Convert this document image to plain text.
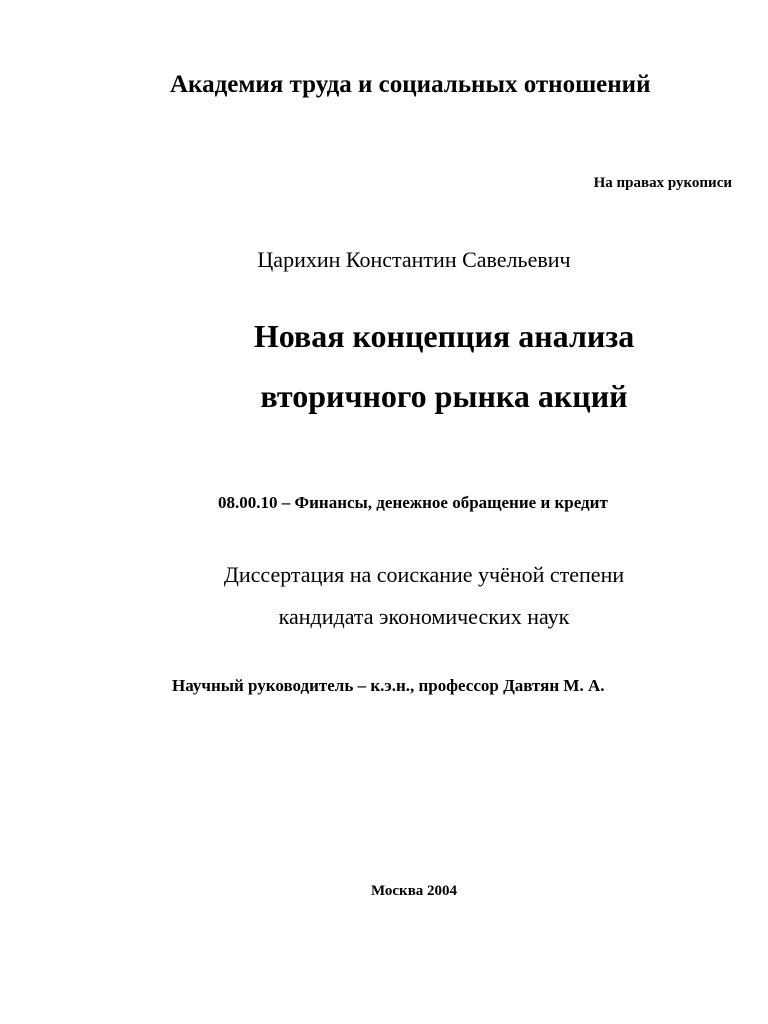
Академия труда и социальных отношений
На правах рукописи
Царихин Константин Савельевич
Новая концепция анализа
вторичного рынка акций
08.00.10 – Финансы, денежное обращение и кредит
Диссертация на соискание учёной степени
кандидата экономических наук
Научный руководитель – к.э.н., профессор Давтян М. А.
Москва 2004
